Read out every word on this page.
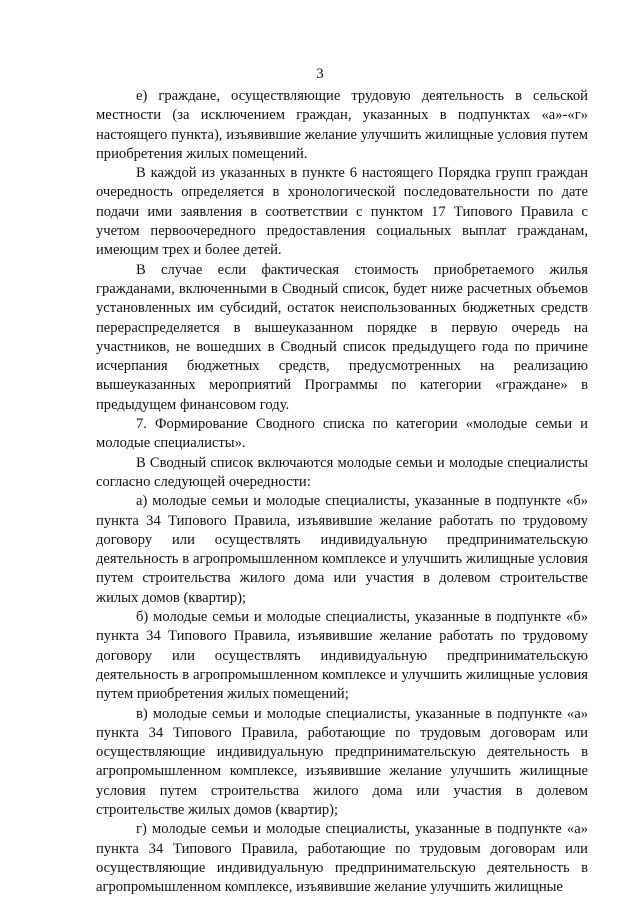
3

е) граждане, осуществляющие трудовую деятельность в сельской местности (за исключением граждан, указанных в подпунктах «а»-«г» настоящего пункта), изъявившие желание улучшить жилищные условия путем приобретения жилых помещений.

В каждой из указанных в пункте 6 настоящего Порядка групп граждан очередность определяется в хронологической последовательности по дате подачи ими заявления в соответствии с пунктом 17 Типового Правила с учетом первоочередного предоставления социальных выплат гражданам, имеющим трех и более детей.

В случае если фактическая стоимость приобретаемого жилья гражданами, включенными в Сводный список, будет ниже расчетных объемов установленных им субсидий, остаток неиспользованных бюджетных средств перераспределяется в вышеуказанном порядке в первую очередь на участников, не вошедших в Сводный список предыдущего года по причине исчерпания бюджетных средств, предусмотренных на реализацию вышеуказанных мероприятий Программы по категории «граждане» в предыдущем финансовом году.

7. Формирование Сводного списка по категории «молодые семьи и молодые специалисты».

В Сводный список включаются молодые семьи и молодые специалисты согласно следующей очередности:

а) молодые семьи и молодые специалисты, указанные в подпункте «б» пункта 34 Типового Правила, изъявившие желание работать по трудовому договору или осуществлять индивидуальную предпринимательскую деятельность в агропромышленном комплексе и улучшить жилищные условия путем строительства жилого дома или участия в долевом строительстве жилых домов (квартир);

б) молодые семьи и молодые специалисты, указанные в подпункте «б» пункта 34 Типового Правила, изъявившие желание работать по трудовому договору или осуществлять индивидуальную предпринимательскую деятельность в агропромышленном комплексе и улучшить жилищные условия путем приобретения жилых помещений;

в) молодые семьи и молодые специалисты, указанные в подпункте «а» пункта 34 Типового Правила, работающие по трудовым договорам или осуществляющие индивидуальную предпринимательскую деятельность в агропромышленном комплексе, изъявившие желание улучшить жилищные условия путем строительства жилого дома или участия в долевом строительстве жилых домов (квартир);

г) молодые семьи и молодые специалисты, указанные в подпункте «а» пункта 34 Типового Правила, работающие по трудовым договорам или осуществляющие индивидуальную предпринимательскую деятельность в агропромышленном комплексе, изъявившие желание улучшить жилищные
